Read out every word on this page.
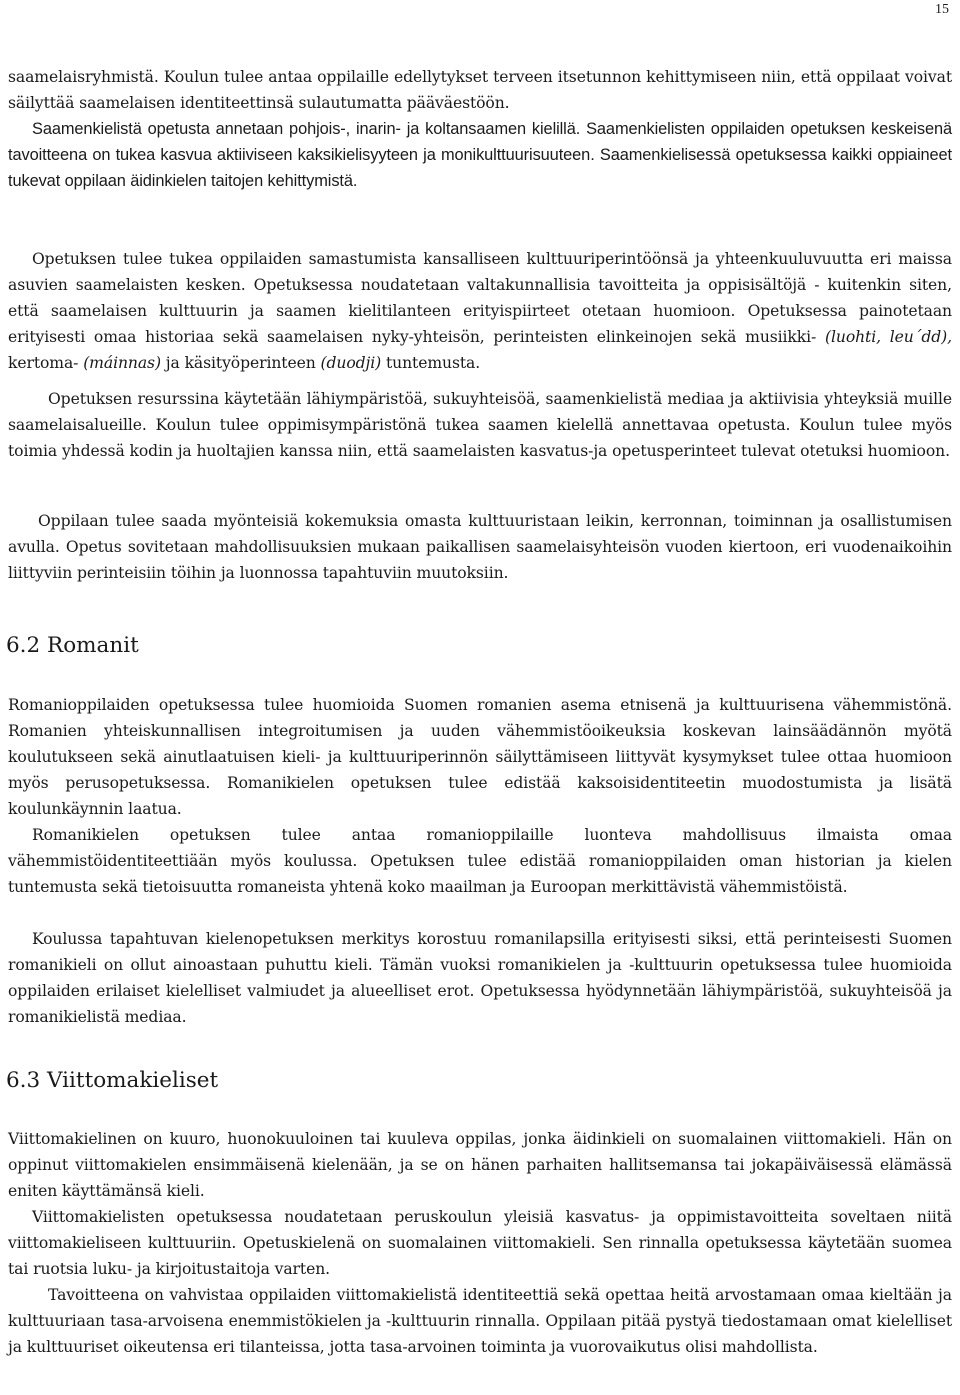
15

saamelaisryhmistä. Koulun tulee antaa oppilaille edellytykset terveen itsetunnon kehittymiseen niin, että oppilaat voivat säilyttää saamelaisen identiteettinsä sulautumatta pääväestöön.

Saamenkielistä opetusta annetaan pohjois-, inarin- ja koltansaamen kielillä. Saamenkielisten oppilaiden opetuksen keskeisenä tavoitteena on tukea kasvua aktiiviseen kaksikielisyyteen ja monikulttuurisuuteen. Saamenkielisessä opetuksessa kaikki oppiaineet tukevat oppilaan äidinkielen taitojen kehittymistä.

Opetuksen tulee tukea oppilaiden samastumista kansalliseen kulttuuriperintöönsä ja yhteenkuuluvuutta eri maissa asuvien saamelaisten kesken. Opetuksessa noudatetaan valtakunnallisia tavoitteita ja oppisisältöjä - kuitenkin siten, että saamelaisen kulttuurin ja saamen kielitilanteen erityispiirteet otetaan huomioon. Opetuksessa painotetaan erityisesti omaa historiaa sekä saamelaisen nyky-yhteisön, perinteisten elinkeinojen sekä musiikki- (luohti, leu´dd), kertoma- (máinnas) ja käsityöperinteen (duodji) tuntemusta.

Opetuksen resurssina käytetään lähiympäristöä, sukuyhteisöä, saamenkielistä mediaa ja aktiivisia yhteyksiä muille saamelaisalueille. Koulun tulee oppimisympäristönä tukea saamen kielellä annettavaa opetusta. Koulun tulee myös toimia yhdessä kodin ja huoltajien kanssa niin, että saamelaisten kasvatus-ja opetusperinteet tulevat otetuksi huomioon.

Oppilaan tulee saada myönteisiä kokemuksia omasta kulttuuristaan leikin, kerronnan, toiminnan ja osallistumisen avulla. Opetus sovitetaan mahdollisuuksien mukaan paikallisen saamelaisyhteisön vuoden kiertoon, eri vuodenaikoihin liittyviin perinteisiin töihin ja luonnossa tapahtuviin muutoksiin.

6.2 Romanit

Romanioppilaiden opetuksessa tulee huomioida Suomen romanien asema etnisenä ja kulttuurisena vähemmistönä. Romanien yhteiskunnallisen integroitumisen ja uuden vähemmistöoikeuksia koskevan lainsäädännön myötä koulutukseen sekä ainutlaatuisen kieli- ja kulttuuriperinnön säilyttämiseen liittyvät kysymykset tulee ottaa huomioon myös perusopetuksessa. Romanikielen opetuksen tulee edistää kaksoisidentiteetin muodostumista ja lisätä koulunkäynnin laatua.

Romanikielen opetuksen tulee antaa romanioppilaille luonteva mahdollisuus ilmaista omaa vähemmistöidentiteettiään myös koulussa. Opetuksen tulee edistää romanioppilaiden oman historian ja kielen tuntemusta sekä tietoisuutta romaneista yhtenä koko maailman ja Euroopan merkittävistä vähemmistöistä.

Koulussa tapahtuvan kielenopetuksen merkitys korostuu romanilapsilla erityisesti siksi, että perinteisesti Suomen romanikieli on ollut ainoastaan puhuttu kieli. Tämän vuoksi romanikielen ja -kulttuurin opetuksessa tulee huomioida oppilaiden erilaiset kielelliset valmiudet ja alueelliset erot. Opetuksessa hyödynnetään lähiympäristöä, sukuyhteisöä ja romanikielistä mediaa.

6.3 Viittomakieliset

Viittomakielinen on kuuro, huonokuuloinen tai kuuleva oppilas, jonka äidinkieli on suomalainen viittomakieli. Hän on oppinut viittomakielen ensimmäisenä kielenään, ja se on hänen parhaiten hallitsemansa tai jokapäiväisessä elämässä eniten käyttämänsä kieli.

Viittomakielisten opetuksessa noudatetaan peruskoulun yleisiä kasvatus- ja oppimistavoitteita soveltaen niitä viittomakieliseen kulttuuriin. Opetuskielenä on suomalainen viittomakieli. Sen rinnalla opetuksessa käytetään suomea tai ruotsia luku- ja kirjoitustaitoja varten.

Tavoitteena on vahvistaa oppilaiden viittomakielistä identiteettiä sekä opettaa heitä arvostamaan omaa kieltään ja kulttuuriaan tasa-arvoisena enemmistökielen ja -kulttuurin rinnalla. Oppilaan pitää pystyä tiedostamaan omat kielelliset ja kulttuuriset oikeutensa eri tilanteissa, jotta tasa-arvoinen toiminta ja vuorovaikutus olisi mahdollista.
